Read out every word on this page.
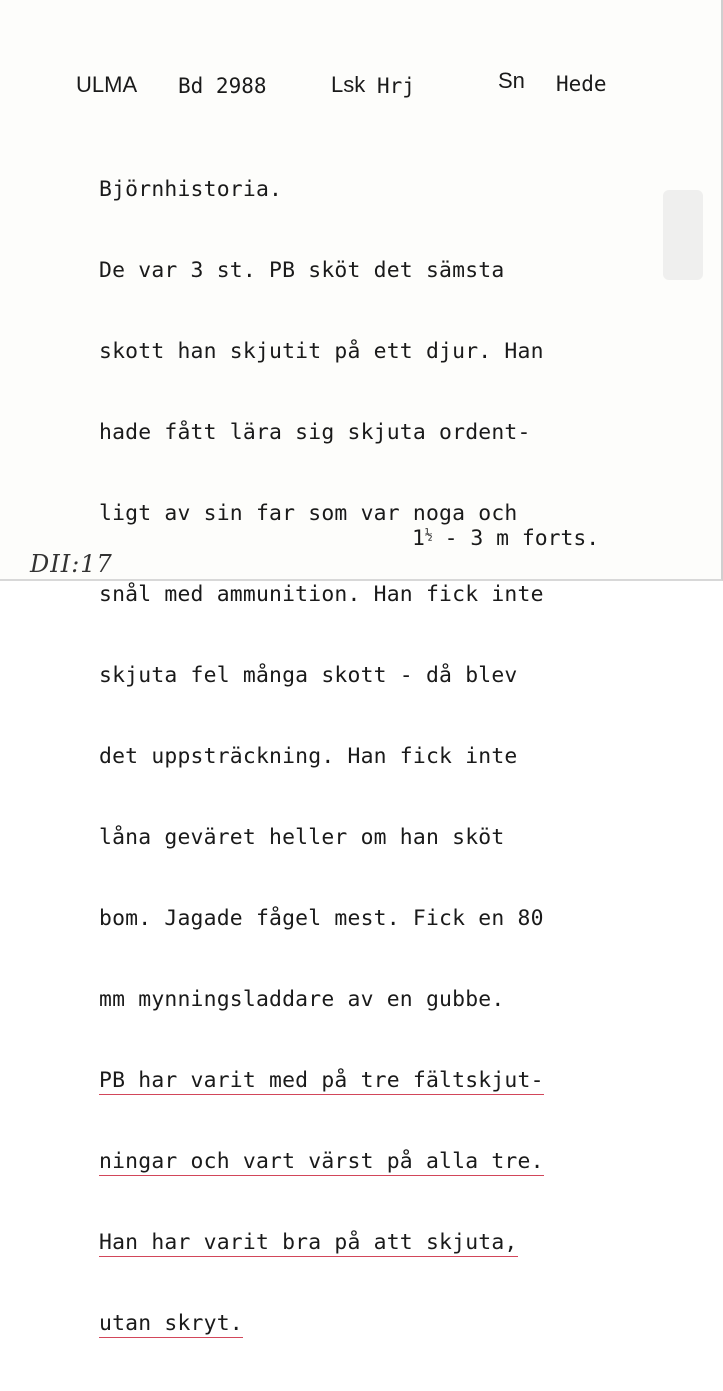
ULMA Bd 2988	Lsk Hrj	Sn Hede

Björnhistoria.

De var 3 st. PB sköt det sämsta

skott han skjutit på ett djur. Han

hade fått lära sig skjuta ordent-

ligt av sin far som var noga och

snål med ammunition. Han fick inte

skjuta fel många skott - då blev

det uppsträckning. Han fick inte

låna geväret heller om han sköt

bom. Jagade fågel mest. Fick en 80

mm mynningsladdare av en gubbe.

PB har varit med på tre fältskjut-

ningar och vart värst på alla tre.

Han har varit bra på att skjuta,

utan skryt.

$1^{\frac{1}{2}} - 3$ m forts.
DII:17
